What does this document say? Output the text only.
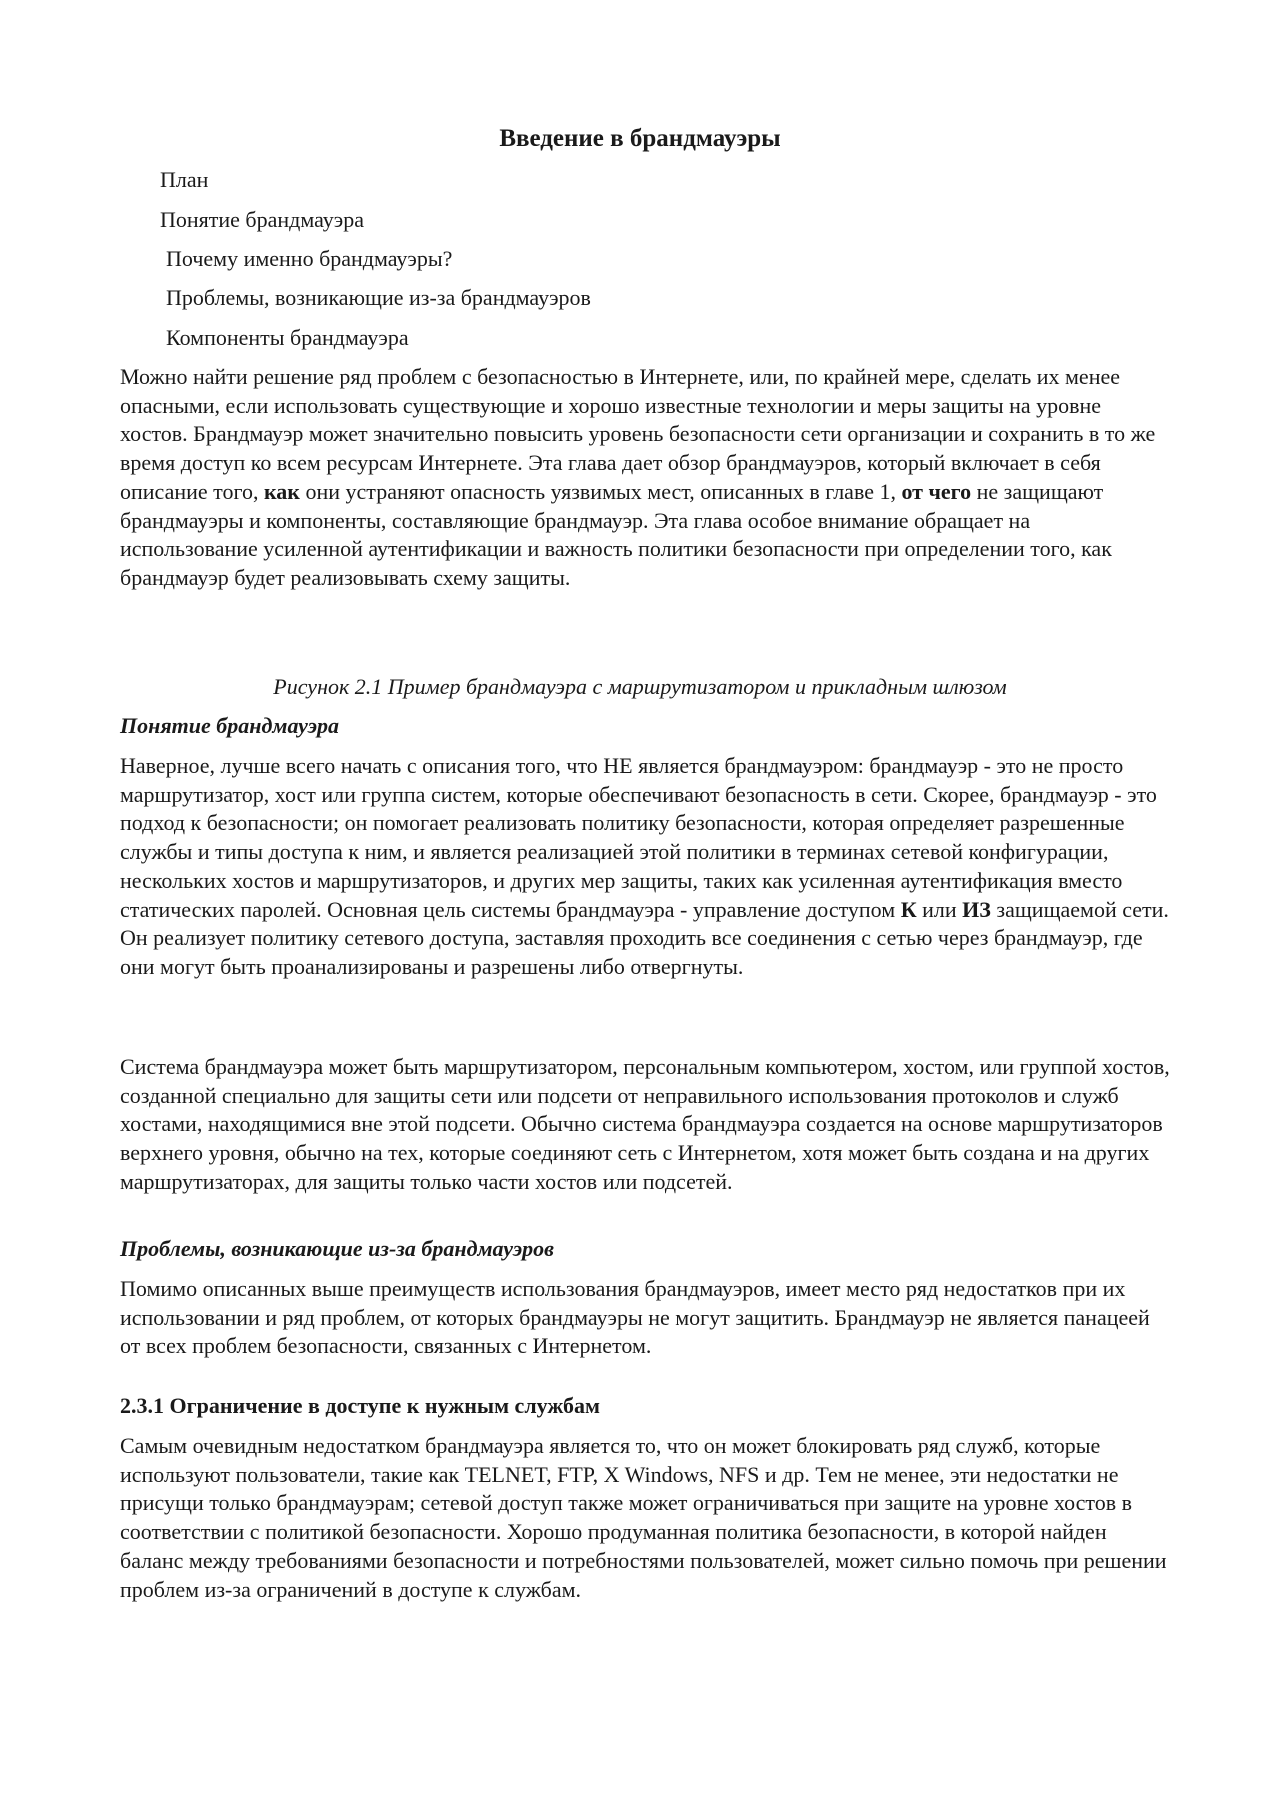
Введение в брандмауэры
План
Понятие брандмауэра
Почему именно брандмауэры?
Проблемы, возникающие из-за брандмауэров
Компоненты брандмауэра

Можно найти решение ряд проблем с безопасностью в Интернете, или, по крайней мере, сделать их менее опасными, если использовать существующие и хорошо известные технологии и меры защиты на уровне хостов. Брандмауэр может значительно повысить уровень безопасности сети организации и сохранить в то же время доступ ко всем ресурсам Интернете. Эта глава дает обзор брандмауэров, который включает в себя описание того, как они устраняют опасность уязвимых мест, описанных в главе 1, от чего не защищают брандмауэры и компоненты, составляющие брандмауэр. Эта глава особое внимание обращает на использование усиленной аутентификации и важность политики безопасности при определении того, как брандмауэр будет реализовывать схему защиты.

Рисунок 2.1 Пример брандмауэра с маршрутизатором и прикладным шлюзом
Понятие брандмауэра

Наверное, лучше всего начать с описания того, что НЕ является брандмауэром: брандмауэр - это не просто маршрутизатор, хост или группа систем, которые обеспечивают безопасность в сети. Скорее, брандмауэр - это подход к безопасности; он помогает реализовать политику безопасности, которая определяет разрешенные службы и типы доступа к ним, и является реализацией этой политики в терминах сетевой конфигурации, нескольких хостов и маршрутизаторов, и других мер защиты, таких как усиленная аутентификация вместо статических паролей. Основная цель системы брандмауэра - управление доступом К или ИЗ защищаемой сети. Он реализует политику сетевого доступа, заставляя проходить все соединения с сетью через брандмауэр, где они могут быть проанализированы и разрешены либо отвергнуты.

Система брандмауэра может быть маршрутизатором, персональным компьютером, хостом, или группой хостов, созданной специально для защиты сети или подсети от неправильного использования протоколов и служб хостами, находящимися вне этой подсети. Обычно система брандмауэра создается на основе маршрутизаторов верхнего уровня, обычно на тех, которые соединяют сеть с Интернетом, хотя может быть создана и на других маршрутизаторах, для защиты только части хостов или подсетей.

Проблемы, возникающие из-за брандмауэров

Помимо описанных выше преимуществ использования брандмауэров, имеет место ряд недостатков при их использовании и ряд проблем, от которых брандмауэры не могут защитить. Брандмауэр не является панацеей от всех проблем безопасности, связанных с Интернетом.

2.3.1 Ограничение в доступе к нужным службам

Самым очевидным недостатком брандмауэра является то, что он может блокировать ряд служб, которые используют пользователи, такие как TELNET, FTP, X Windows, NFS и др. Тем не менее, эти недостатки не присущи только брандмауэрам; сетевой доступ также может ограничиваться при защите на уровне хостов в соответствии с политикой безопасности. Хорошо продуманная политика безопасности, в которой найден баланс между требованиями безопасности и потребностями пользователей, может сильно помочь при решении проблем из-за ограничений в доступе к службам.
